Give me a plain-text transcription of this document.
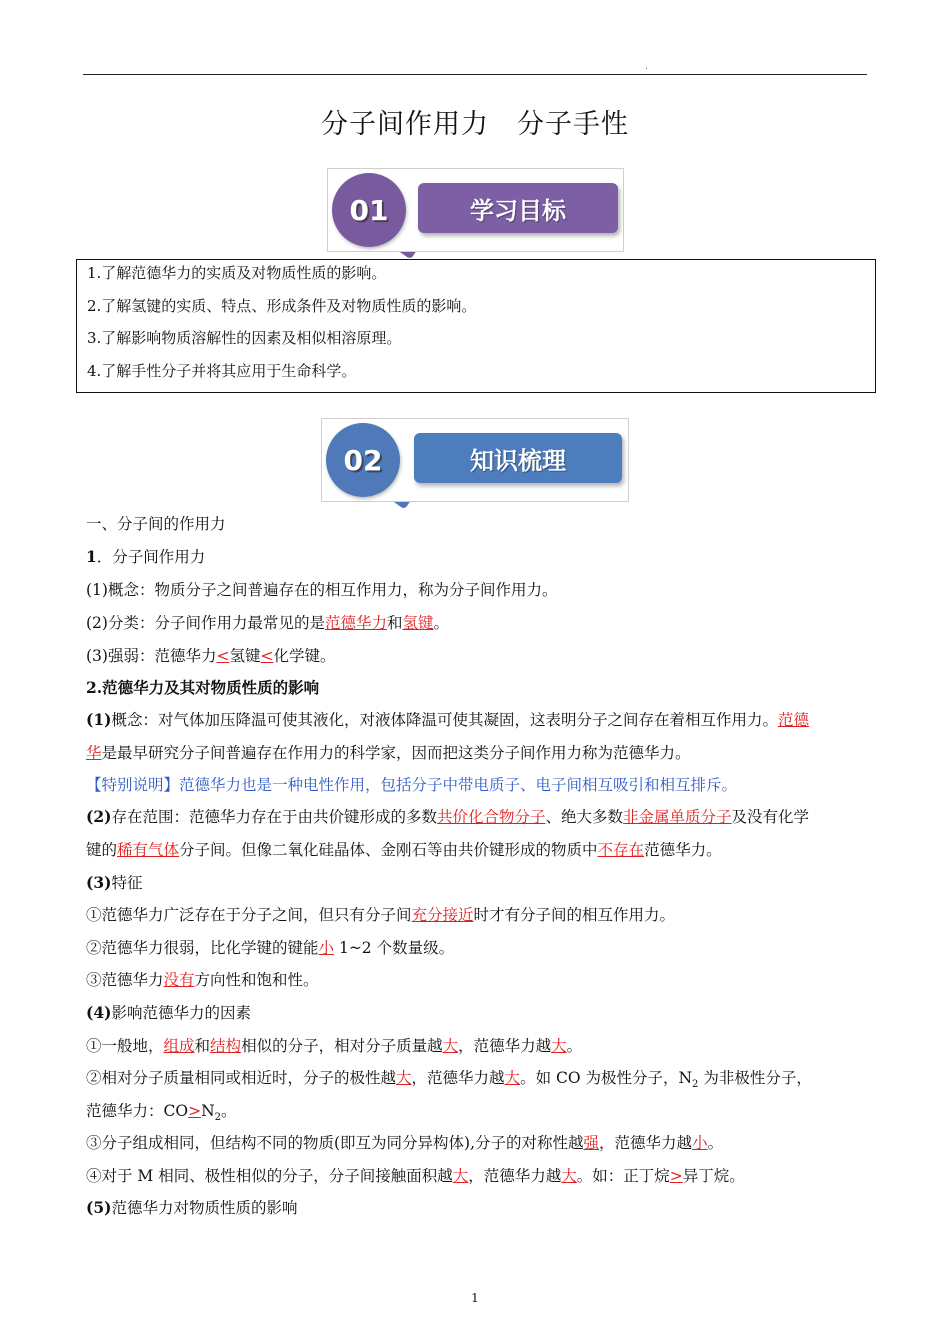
.
分子间作用力 分子手性
01	学习目标
1.了解范德华力的实质及对物质性质的影响。
2.了解氢键的实质、特点、形成条件及对物质性质的影响。
3.了解影响物质溶解性的因素及相似相溶原理。
4.了解手性分子并将其应用于生命科学。
02	知识梳理
一、分子间的作用力
1．分子间作用力
(1)概念：物质分子之间普遍存在的相互作用力，称为分子间作用力。
(2)分类：分子间作用力最常见的是范德华力和氢键。
(3)强弱：范德华力<氢键<化学键。
2.范德华力及其对物质性质的影响
(1)概念：对气体加压降温可使其液化，对液体降温可使其凝固，这表明分子之间存在着相互作用力。范德
华是最早研究分子间普遍存在作用力的科学家，因而把这类分子间作用力称为范德华力。
【特别说明】范德华力也是一种电性作用，包括分子中带电质子、电子间相互吸引和相互排斥。
(2)存在范围：范德华力存在于由共价键形成的多数共价化合物分子、绝大多数非金属单质分子及没有化学
键的稀有气体分子间。但像二氧化硅晶体、金刚石等由共价键形成的物质中不存在范德华力。
(3)特征
①范德华力广泛存在于分子之间，但只有分子间充分接近时才有分子间的相互作用力。
②范德华力很弱，比化学键的键能小 1~2 个数量级。
③范德华力没有方向性和饱和性。
(4)影响范德华力的因素
①一般地，组成和结构相似的分子，相对分子质量越大，范德华力越大。
②相对分子质量相同或相近时，分子的极性越大，范德华力越大。如 CO 为极性分子，$N_2$ 为非极性分子，
范德华力：$CO>N_2$。
③分子组成相同，但结构不同的物质(即互为同分异构体),分子的对称性越强，范德华力越小。
④对于 M 相同、极性相似的分子，分子间接触面积越大，范德华力越大。如：正丁烷>异丁烷。
(5)范德华力对物质性质的影响
1
